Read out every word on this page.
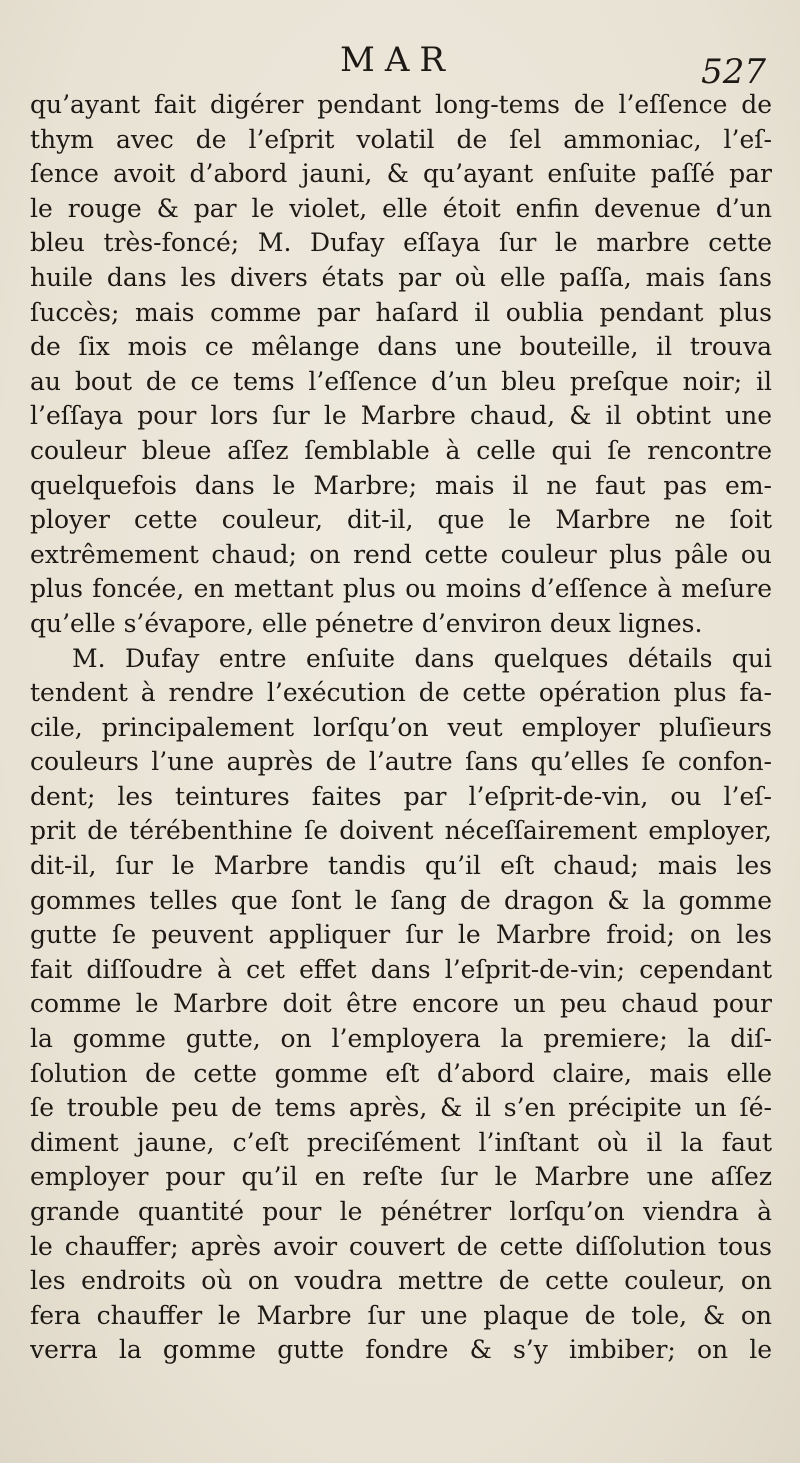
MAR	527
qu’ayant fait digérer pendant long-tems de l’eſſence de
thym avec de l’eſprit volatil de ſel ammoniac, l’eſ-
ſence avoit d’abord jauni, & qu’ayant enſuite paſſé par
le rouge & par le violet, elle étoit enfin devenue d’un
bleu très-foncé; M. Dufay eſſaya ſur le marbre cette
huile dans les divers états par où elle paſſa, mais ſans
ſuccès; mais comme par haſard il oublia pendant plus
de ſix mois ce mêlange dans une bouteille, il trouva
au bout de ce tems l’eſſence d’un bleu preſque noir; il
l’eſſaya pour lors ſur le Marbre chaud, & il obtint une
couleur bleue aſſez ſemblable à celle qui ſe rencontre
quelquefois dans le Marbre; mais il ne faut pas em-
ployer cette couleur, dit-il, que le Marbre ne ſoit
extrêmement chaud; on rend cette couleur plus pâle ou
plus foncée, en mettant plus ou moins d’eſſence à meſure
qu’elle s’évapore, elle pénetre d’environ deux lignes.
M. Dufay entre enſuite dans quelques détails qui
tendent à rendre l’exécution de cette opération plus fa-
cile, principalement lorſqu’on veut employer pluſieurs
couleurs l’une auprès de l’autre ſans qu’elles ſe confon-
dent; les teintures faites par l’eſprit-de-vin, ou l’eſ-
prit de térébenthine ſe doivent néceſſairement employer,
dit-il, ſur le Marbre tandis qu’il eſt chaud; mais les
gommes telles que ſont le ſang de dragon & la gomme
gutte ſe peuvent appliquer ſur le Marbre froid; on les
fait diſſoudre à cet effet dans l’eſprit-de-vin; cependant
comme le Marbre doit être encore un peu chaud pour
la gomme gutte, on l’employera la premiere; la diſ-
ſolution de cette gomme eſt d’abord claire, mais elle
ſe trouble peu de tems après, & il s’en précipite un ſé-
diment jaune, c’eſt preciſément l’inſtant où il la faut
employer pour qu’il en reſte ſur le Marbre une aſſez
grande quantité pour le pénétrer lorſqu’on viendra à
le chauffer; après avoir couvert de cette diſſolution tous
les endroits où on voudra mettre de cette couleur, on
fera chauffer le Marbre ſur une plaque de tole, & on
verra la gomme gutte fondre & s’y imbiber; on le
